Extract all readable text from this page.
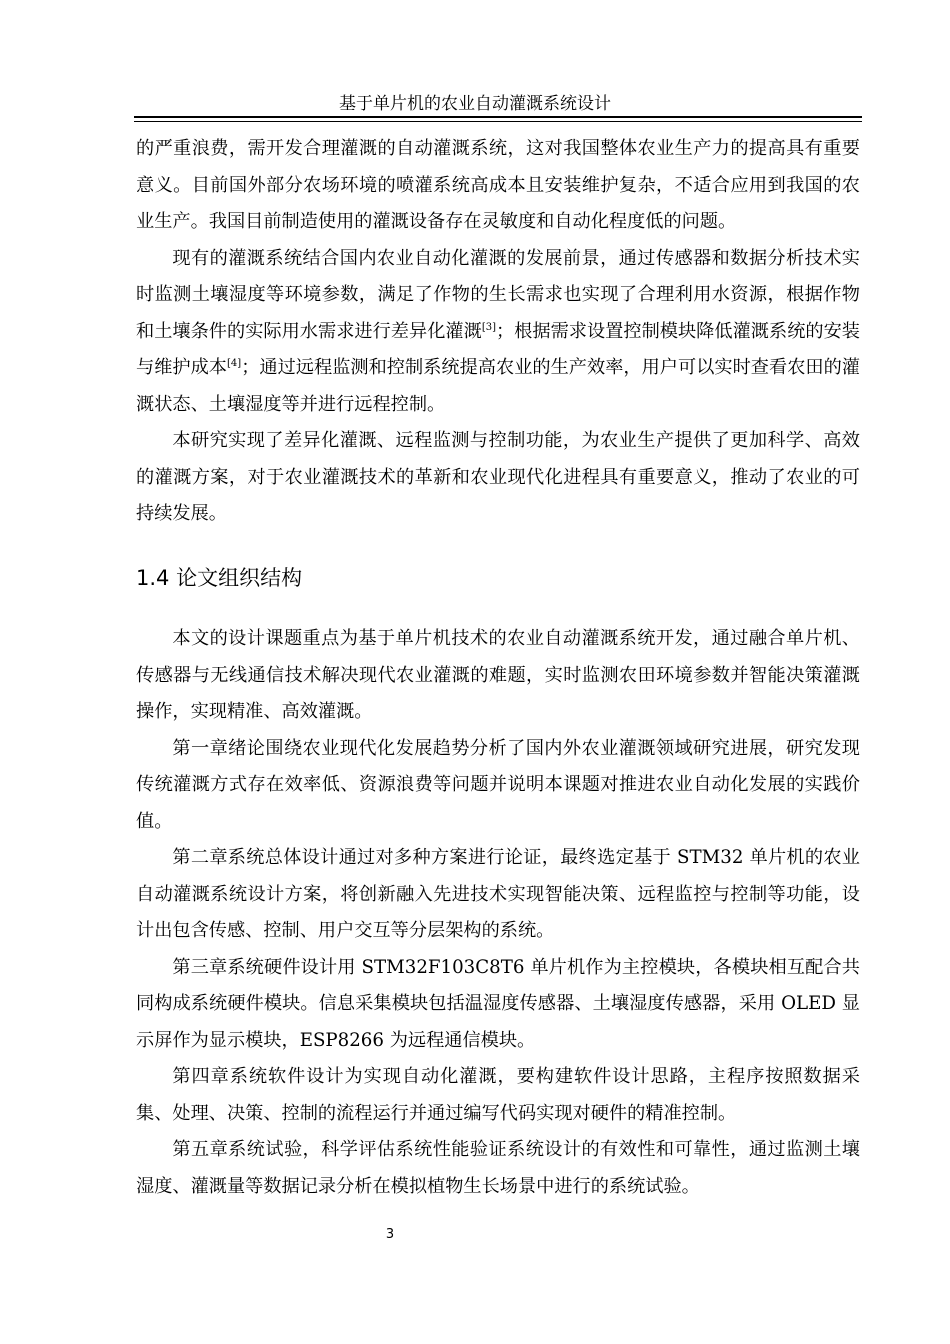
基于单片机的农业自动灌溉系统设计

的严重浪费，需开发合理灌溉的自动灌溉系统，这对我国整体农业生产力的提高具有重要意义。目前国外部分农场环境的喷灌系统高成本且安装维护复杂，不适合应用到我国的农业生产。我国目前制造使用的灌溉设备存在灵敏度和自动化程度低的问题。

现有的灌溉系统结合国内农业自动化灌溉的发展前景，通过传感器和数据分析技术实时监测土壤湿度等环境参数，满足了作物的生长需求也实现了合理利用水资源，根据作物和土壤条件的实际用水需求进行差异化灌溉[3]；根据需求设置控制模块降低灌溉系统的安装与维护成本[4]；通过远程监测和控制系统提高农业的生产效率，用户可以实时查看农田的灌溉状态、土壤湿度等并进行远程控制。

本研究实现了差异化灌溉、远程监测与控制功能，为农业生产提供了更加科学、高效的灌溉方案，对于农业灌溉技术的革新和农业现代化进程具有重要意义，推动了农业的可持续发展。

1.4 论文组织结构

本文的设计课题重点为基于单片机技术的农业自动灌溉系统开发，通过融合单片机、传感器与无线通信技术解决现代农业灌溉的难题，实时监测农田环境参数并智能决策灌溉操作，实现精准、高效灌溉。

第一章绪论围绕农业现代化发展趋势分析了国内外农业灌溉领域研究进展，研究发现传统灌溉方式存在效率低、资源浪费等问题并说明本课题对推进农业自动化发展的实践价值。

第二章系统总体设计通过对多种方案进行论证，最终选定基于 STM32 单片机的农业自动灌溉系统设计方案，将创新融入先进技术实现智能决策、远程监控与控制等功能，设计出包含传感、控制、用户交互等分层架构的系统。

第三章系统硬件设计用 STM32F103C8T6 单片机作为主控模块，各模块相互配合共同构成系统硬件模块。信息采集模块包括温湿度传感器、土壤湿度传感器，采用 OLED 显示屏作为显示模块，ESP8266 为远程通信模块。

第四章系统软件设计为实现自动化灌溉，要构建软件设计思路，主程序按照数据采集、处理、决策、控制的流程运行并通过编写代码实现对硬件的精准控制。

第五章系统试验，科学评估系统性能验证系统设计的有效性和可靠性，通过监测土壤湿度、灌溉量等数据记录分析在模拟植物生长场景中进行的系统试验。

3
